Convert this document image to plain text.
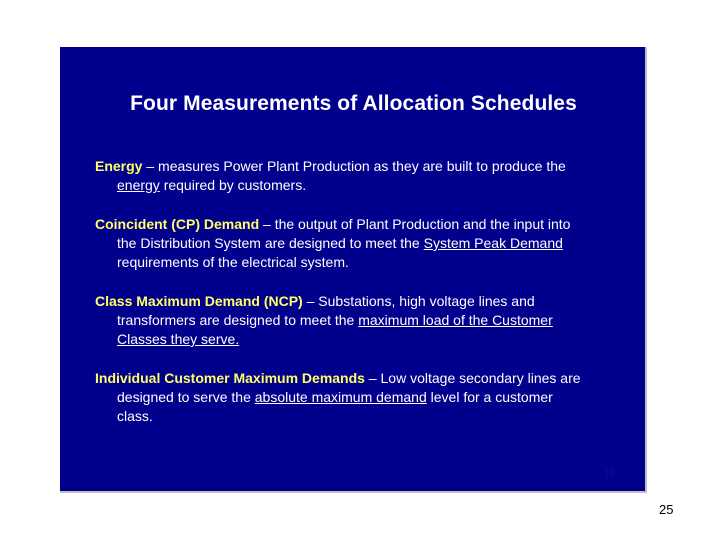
Four Measurements of Allocation Schedules
Energy – measures Power Plant Production as they are built to produce the
energy required by customers.
Coincident (CP) Demand – the output of Plant Production and the input into
the Distribution System are designed to meet the System Peak Demand
requirements of the electrical system.
Class Maximum Demand (NCP) – Substations, high voltage lines and
transformers are designed to meet the maximum load of the Customer
Classes they serve.
Individual Customer Maximum Demands – Low voltage secondary lines are
designed to serve the absolute maximum demand level for a customer
class.
15
25
